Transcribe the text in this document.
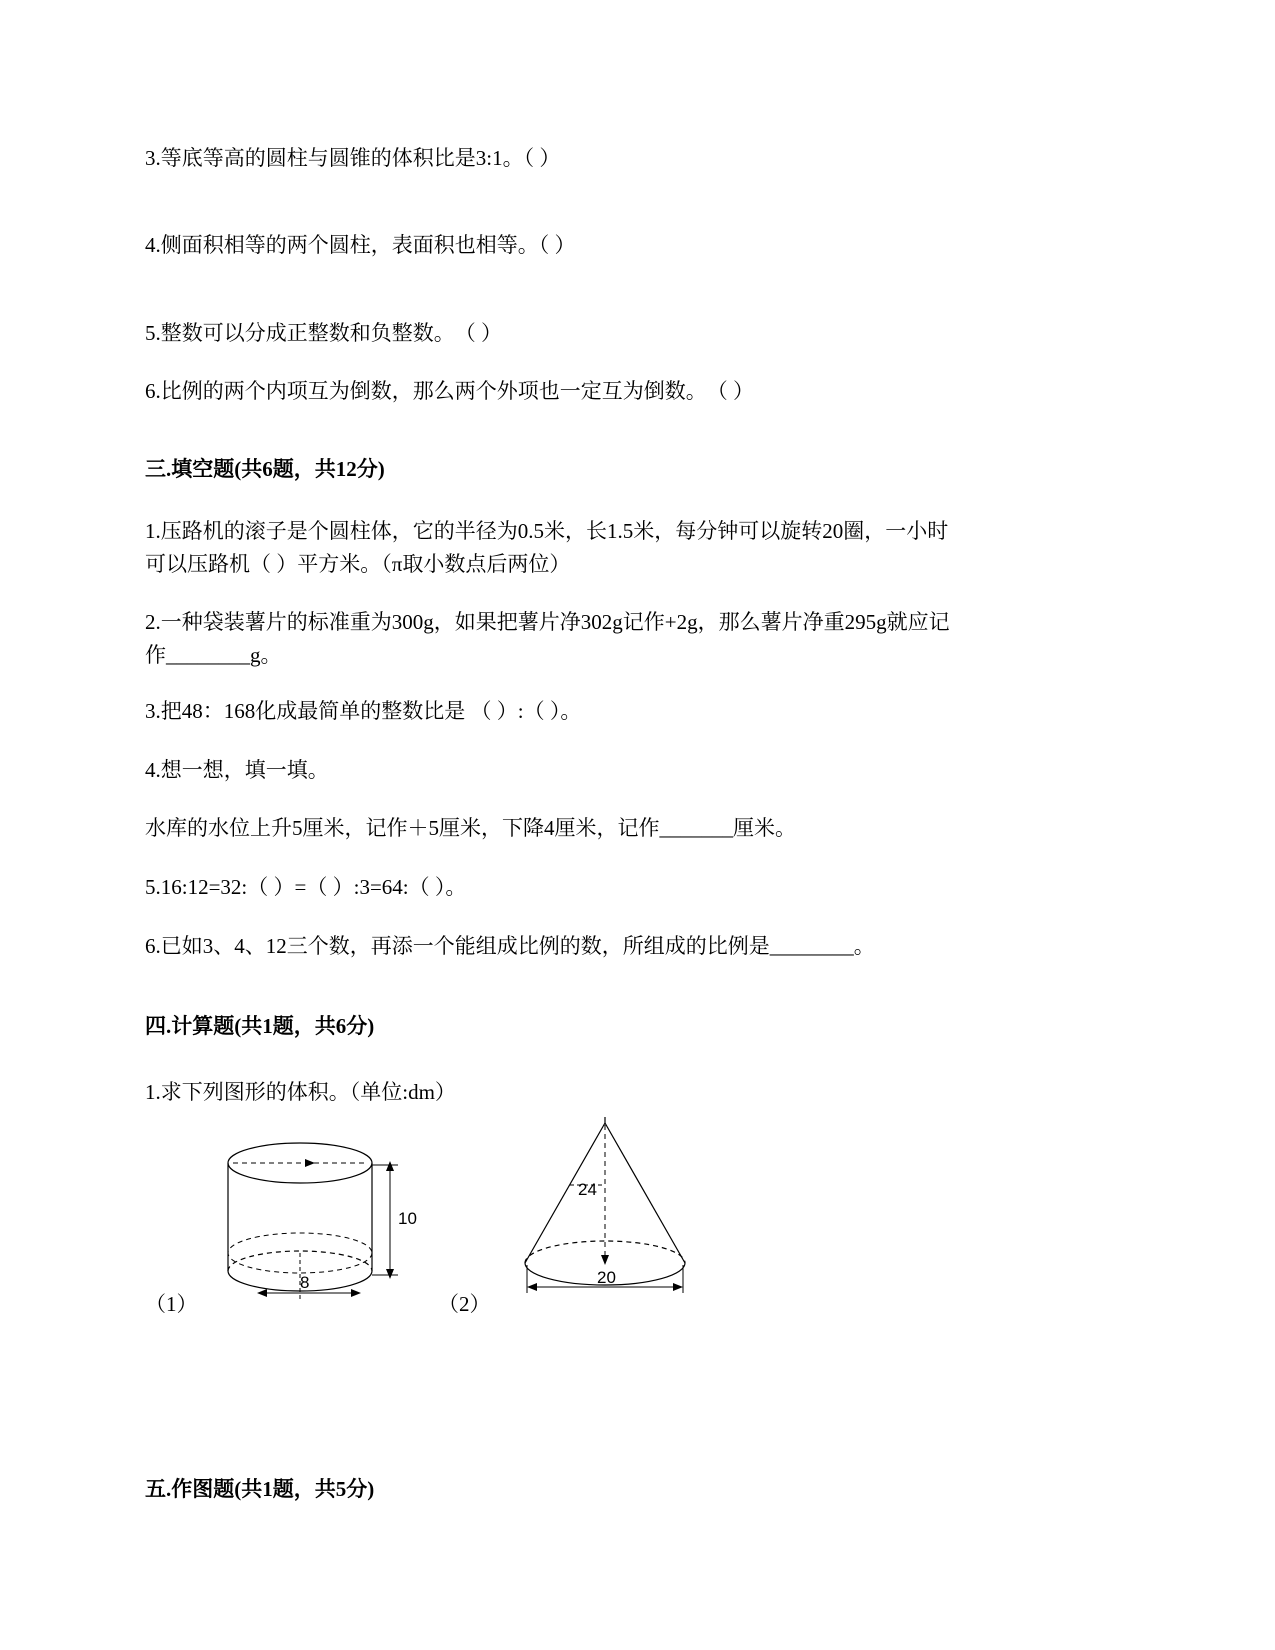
3.等底等高的圆柱与圆锥的体积比是3:1。（ ）

4.侧面积相等的两个圆柱，表面积也相等。（ ）

5.整数可以分成正整数和负整数。　（ ）

6.比例的两个内项互为倒数，那么两个外项也一定互为倒数。　（ ）

三.填空题(共6题，共12分)

1.压路机的滚子是个圆柱体，它的半径为0.5米，长1.5米，每分钟可以旋转20圈，一小时
可以压路机（ ）平方米。（π取小数点后两位）

2.一种袋装薯片的标准重为300g，如果把薯片净302g记作+2g，那么薯片净重295g就应记
作________g。

3.把48：168化成最简单的整数比是 （ ）:（ ）。

4.想一想，填一填。

水库的水位上升5厘米，记作＋5厘米，下降4厘米，记作_______厘米。

5.16:12=32:（ ）=（ ）:3=64:（ ）。

6.已如3、4、12三个数，再添一个能组成比例的数，所组成的比例是________。

四.计算题(共1题，共6分)

1.求下列图形的体积。（单位:dm）

（1）
10
8
（2）
24
20

五.作图题(共1题，共5分)
